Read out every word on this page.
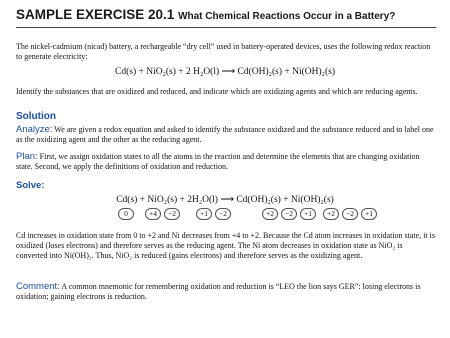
SAMPLE EXERCISE 20.1 What Chemical Reactions Occur in a Battery?
The nickel-cadmium (nicad) battery, a rechargeable “dry cell” used in battery-operated devices, uses the following redox reaction to generate electricity:
Cd(s) + NiO₂(s) + 2 H₂O(l) ⟶ Cd(OH)₂(s) + Ni(OH)₂(s)
Identify the substances that are oxidized and reduced, and indicate which are oxidizing agents and which are reducing agents.
Solution
Analyze: We are given a redox equation and asked to identify the substance oxidized and the substance reduced and to label one as the oxidizing agent and the other as the reducing agent.
Plan: First, we assign oxidation states to all the atoms in the reaction and determine the elements that are changing oxidation state. Second, we apply the definitions of oxidation and reduction.
Solve:
Cd(s) + NiO₂(s) + 2H₂O(l) ⟶ Cd(OH)₂(s) + Ni(OH)₂(s)
0	+4	−2	+1	−2	+2	−2	+1	+2	−2	+1
Cd increases in oxidation state from 0 to +2 and Ni decreases from +4 to +2. Because the Cd atom increases in oxidation state, it is oxidized (loses electrons) and therefore serves as the reducing agent. The Ni atom decreases in oxidation state as NiO₂ is converted into Ni(OH)₂. Thus, NiO₂ is reduced (gains electrons) and therefore serves as the oxidizing agent.
Comment: A common mnemonic for remembering oxidation and reduction is “LEO the lion says GER”: losing electrons is oxidation; gaining electrons is reduction.
